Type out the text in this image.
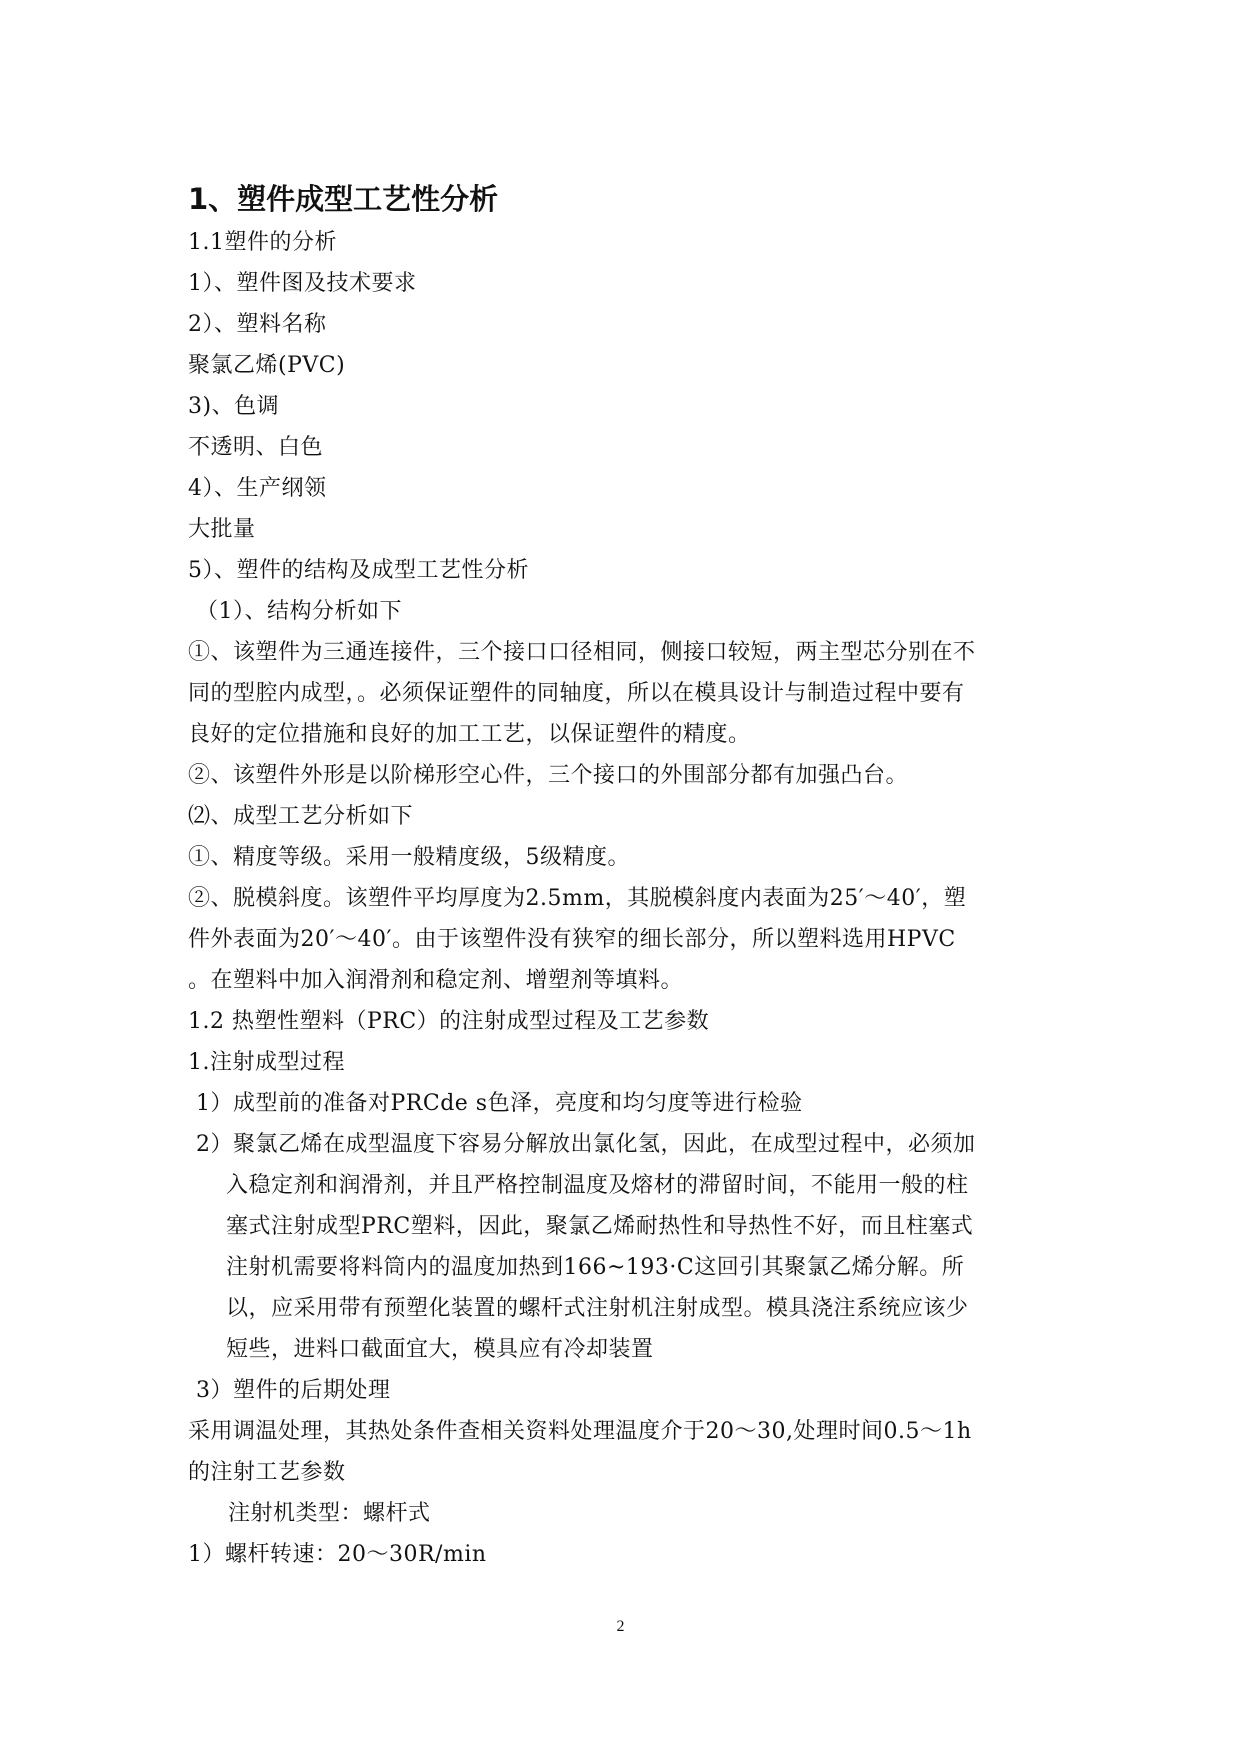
1、塑件成型工艺性分析
1.1塑件的分析
1）、塑件图及技术要求
2）、塑料名称
聚氯乙烯(PVC)
3)、色调
不透明、白色
4）、生产纲领
大批量
5）、塑件的结构及成型工艺性分析
（1）、结构分析如下
①、该塑件为三通连接件，三个接口口径相同，侧接口较短，两主型芯分别在不
同的型腔内成型，。必须保证塑件的同轴度，所以在模具设计与制造过程中要有
良好的定位措施和良好的加工工艺，以保证塑件的精度。
②、该塑件外形是以阶梯形空心件，三个接口的外围部分都有加强凸台。
⑵、成型工艺分析如下
①、精度等级。采用一般精度级，5级精度。
②、脱模斜度。该塑件平均厚度为2.5mm，其脱模斜度内表面为25′～40′，塑
件外表面为20′～40′。由于该塑件没有狭窄的细长部分，所以塑料选用HPVC
。在塑料中加入润滑剂和稳定剂、增塑剂等填料。
1.2 热塑性塑料（PRC）的注射成型过程及工艺参数
1.注射成型过程
1）成型前的准备对PRCde s色泽，亮度和均匀度等进行检验
2）聚氯乙烯在成型温度下容易分解放出氯化氢，因此，在成型过程中，必须加
入稳定剂和润滑剂，并且严格控制温度及熔材的滞留时间，不能用一般的柱
塞式注射成型PRC塑料，因此，聚氯乙烯耐热性和导热性不好，而且柱塞式
注射机需要将料筒内的温度加热到166~193·C这回引其聚氯乙烯分解。所
以，应采用带有预塑化装置的螺杆式注射机注射成型。模具浇注系统应该少
短些，进料口截面宜大，模具应有冷却装置
3）塑件的后期处理
采用调温处理，其热处条件查相关资料处理温度介于20～30,处理时间0.5～1h
的注射工艺参数
注射机类型：螺杆式
1）螺杆转速：20～30R/min
2
